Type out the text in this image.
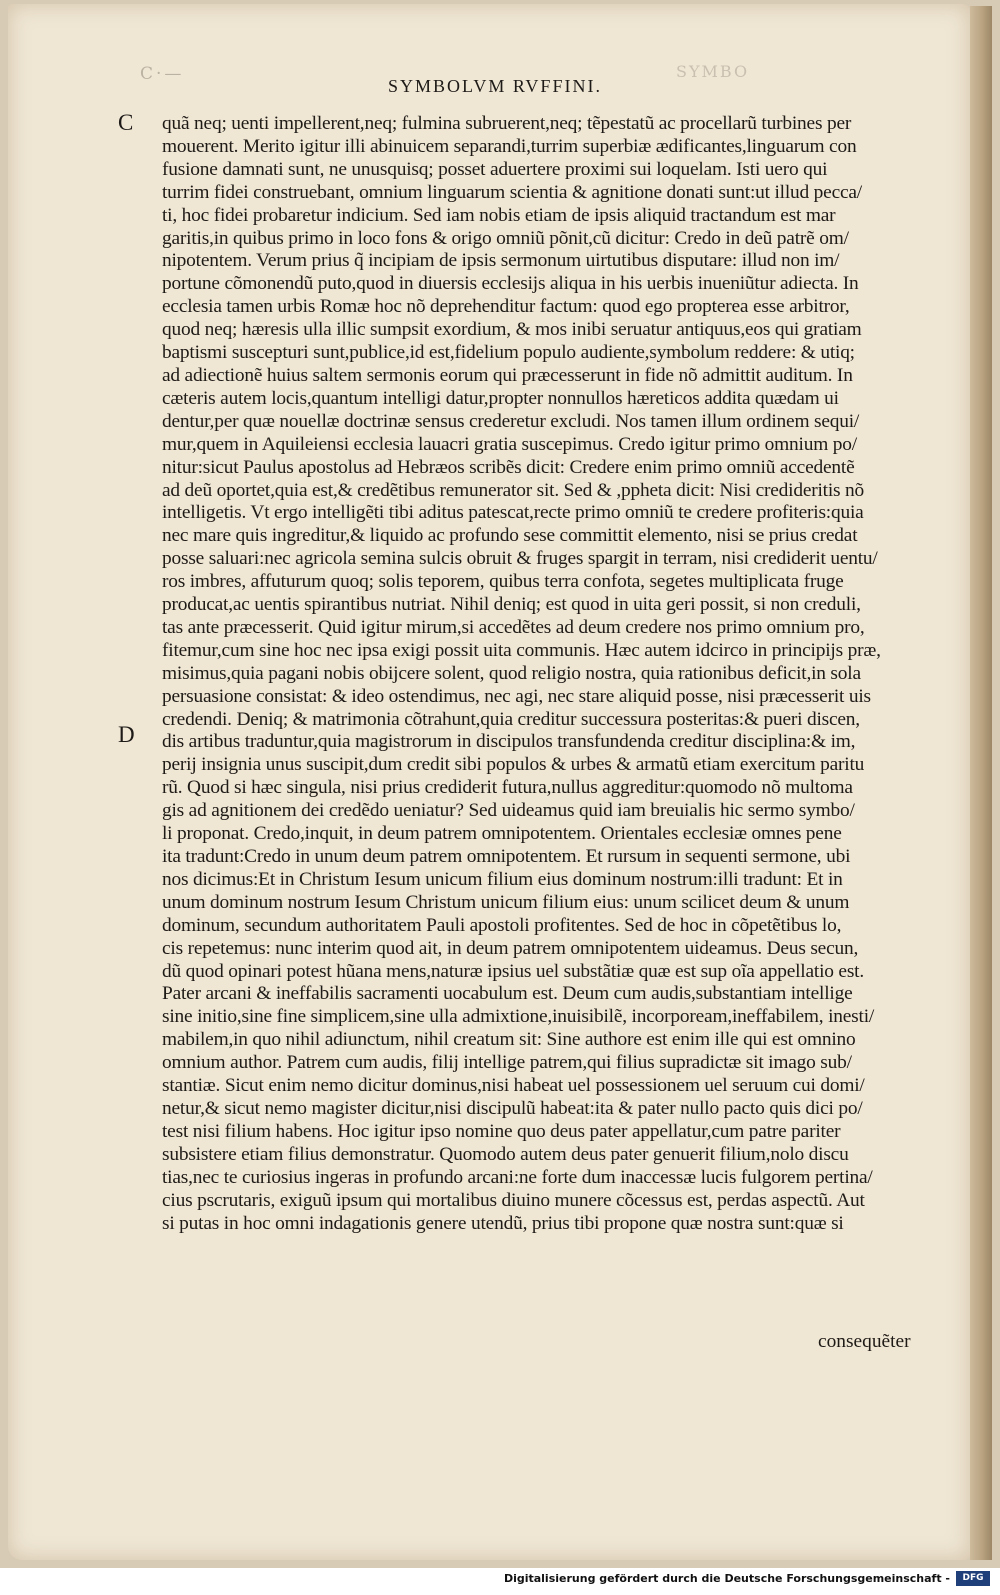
C·—	SYMBO
SYMBOLVM RVFFINI.
C
D
quã neq; uenti impellerent,neq; fulmina subruerent,neq; tẽpestatũ ac procellarũ turbines per
mouerent. Merito igitur illi abinuicem separandi,turrim superbiæ ædificantes,linguarum con
fusione damnati sunt, ne unusquisq; posset aduertere proximi sui loquelam. Isti uero qui
turrim fidei construebant, omnium linguarum scientia & agnitione donati sunt:ut illud pecca/
ti, hoc fidei probaretur indicium. Sed iam nobis etiam de ipsis aliquid tractandum est mar
garitis,in quibus primo in loco fons & origo omniũ põnit,cũ dicitur: Credo in deũ patrẽ om/
nipotentem. Verum prius q̃ incipiam de ipsis sermonum uirtutibus disputare: illud non im/
portune cõmonendũ puto,quod in diuersis ecclesijs aliqua in his uerbis inueniũtur adiecta. In
ecclesia tamen urbis Romæ hoc nõ deprehenditur factum: quod ego propterea esse arbitror,
quod neq; hæresis ulla illic sumpsit exordium, & mos inibi seruatur antiquus,eos qui gratiam
baptismi suscepturi sunt,publice,id est,fidelium populo audiente,symbolum reddere: & utiq;
ad adiectionẽ huius saltem sermonis eorum qui præcesserunt in fide nõ admittit auditum. In
cæteris autem locis,quantum intelligi datur,propter nonnullos hæreticos addita quædam ui
dentur,per quæ nouellæ doctrinæ sensus crederetur excludi. Nos tamen illum ordinem sequi/
mur,quem in Aquileiensi ecclesia lauacri gratia suscepimus. Credo igitur primo omnium po/
nitur:sicut Paulus apostolus ad Hebræos scribẽs dicit: Credere enim primo omniũ accedentẽ
ad deũ oportet,quia est,& credẽtibus remunerator sit. Sed & ,ppheta dicit: Nisi credideritis nõ
intelligetis. Vt ergo intelligẽti tibi aditus patescat,recte primo omniũ te credere profiteris:quia
nec mare quis ingreditur,& liquido ac profundo sese committit elemento, nisi se prius credat
posse saluari:nec agricola semina sulcis obruit & fruges spargit in terram, nisi crediderit uentu/
ros imbres, affuturum quoq; solis teporem, quibus terra confota, segetes multiplicata fruge
producat,ac uentis spirantibus nutriat. Nihil deniq; est quod in uita geri possit, si non creduli,
tas ante præcesserit. Quid igitur mirum,si accedẽtes ad deum credere nos primo omnium pro,
fitemur,cum sine hoc nec ipsa exigi possit uita communis. Hæc autem idcirco in principijs præ,
misimus,quia pagani nobis obijcere solent, quod religio nostra, quia rationibus deficit,in sola
persuasione consistat: & ideo ostendimus, nec agi, nec stare aliquid posse, nisi præcesserit uis
credendi. Deniq; & matrimonia cõtrahunt,quia creditur successura posteritas:& pueri discen,
dis artibus traduntur,quia magistrorum in discipulos transfundenda creditur disciplina:& im,
perij insignia unus suscipit,dum credit sibi populos & urbes & armatũ etiam exercitum paritu
rũ. Quod si hæc singula, nisi prius crediderit futura,nullus aggreditur:quomodo nõ multoma
gis ad agnitionem dei credẽdo ueniatur? Sed uideamus quid iam breuialis hic sermo symbo/
li proponat. Credo,inquit, in deum patrem omnipotentem. Orientales ecclesiæ omnes pene
ita tradunt:Credo in unum deum patrem omnipotentem. Et rursum in sequenti sermone, ubi
nos dicimus:Et in Christum Iesum unicum filium eius dominum nostrum:illi tradunt: Et in
unum dominum nostrum Iesum Christum unicum filium eius: unum scilicet deum & unum
dominum, secundum authoritatem Pauli apostoli profitentes. Sed de hoc in cõpetẽtibus lo,
cis repetemus: nunc interim quod ait, in deum patrem omnipotentem uideamus. Deus secun,
dũ quod opinari potest hũana mens,naturæ ipsius uel substãtiæ quæ est sup oĩa appellatio est.
Pater arcani & ineffabilis sacramenti uocabulum est. Deum cum audis,substantiam intellige
sine initio,sine fine simplicem,sine ulla admixtione,inuisibilẽ, incorpoream,ineffabilem, inesti/
mabilem,in quo nihil adiunctum, nihil creatum sit: Sine authore est enim ille qui est omnino
omnium author. Patrem cum audis, filij intellige patrem,qui filius supradictæ sit imago sub/
stantiæ. Sicut enim nemo dicitur dominus,nisi habeat uel possessionem uel seruum cui domi/
netur,& sicut nemo magister dicitur,nisi discipulũ habeat:ita & pater nullo pacto quis dici po/
test nisi filium habens. Hoc igitur ipso nomine quo deus pater appellatur,cum patre pariter
subsistere etiam filius demonstratur. Quomodo autem deus pater genuerit filium,nolo discu
tias,nec te curiosius ingeras in profundo arcani:ne forte dum inaccessæ lucis fulgorem pertina/
cius pscrutaris, exiguũ ipsum qui mortalibus diuino munere cõcessus est, perdas aspectũ. Aut
si putas in hoc omni indagationis genere utendũ, prius tibi propone quæ nostra sunt:quæ si
consequẽter
Digitalisierung gefördert durch die Deutsche Forschungsgemeinschaft -	DFG
